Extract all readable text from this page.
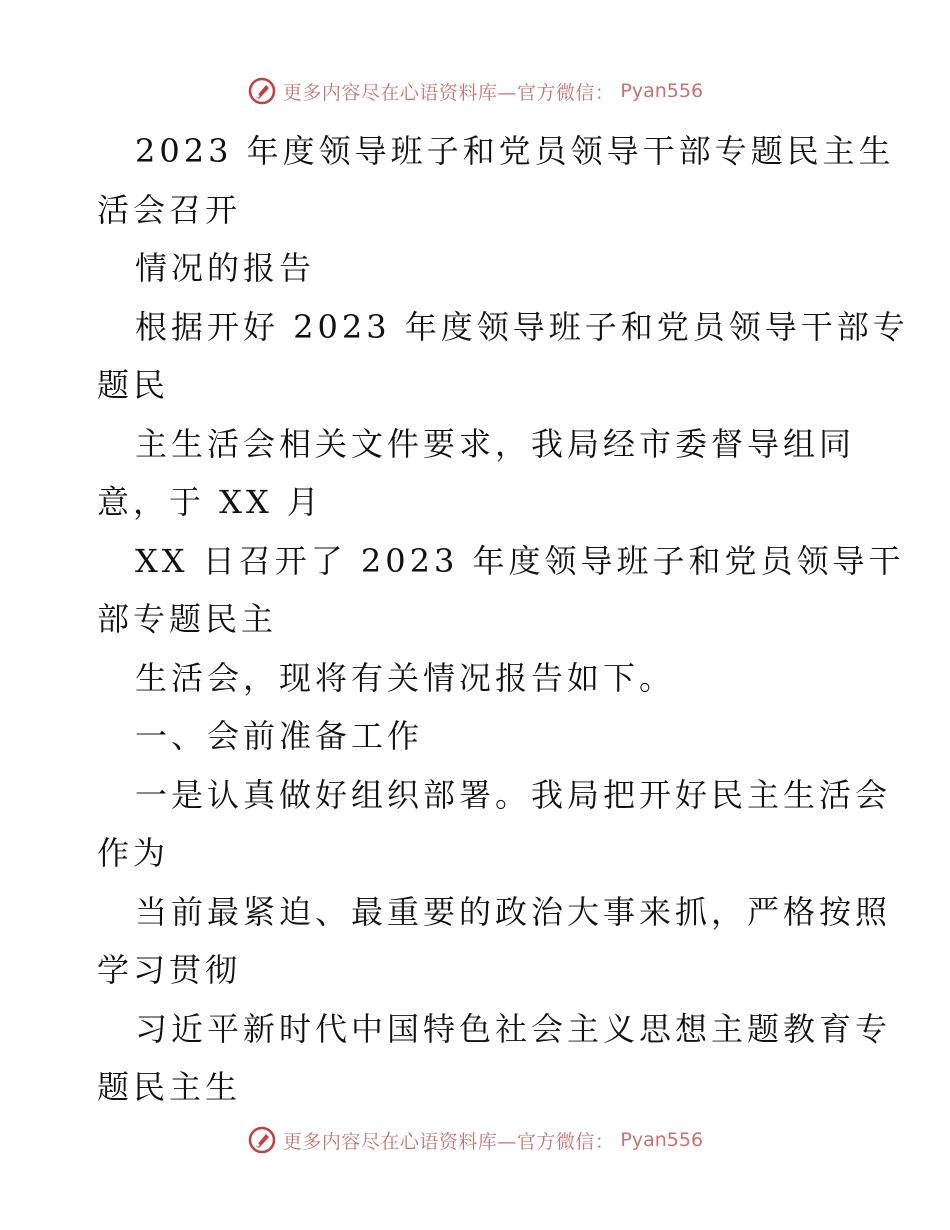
更多内容尽在心语资料库—官方微信： Pyan556

2023 年度领导班子和党员领导干部专题民主生

活会召开

情况的报告

根据开好 2023 年度领导班子和党员领导干部专

题民

主生活会相关文件要求，我局经市委督导组同

意，于 XX 月

XX 日召开了 2023 年度领导班子和党员领导干

部专题民主

生活会，现将有关情况报告如下。

一、会前准备工作

一是认真做好组织部署。我局把开好民主生活会

作为

当前最紧迫、最重要的政治大事来抓，严格按照

学习贯彻

习近平新时代中国特色社会主义思想主题教育专

题民主生

更多内容尽在心语资料库—官方微信： Pyan556
